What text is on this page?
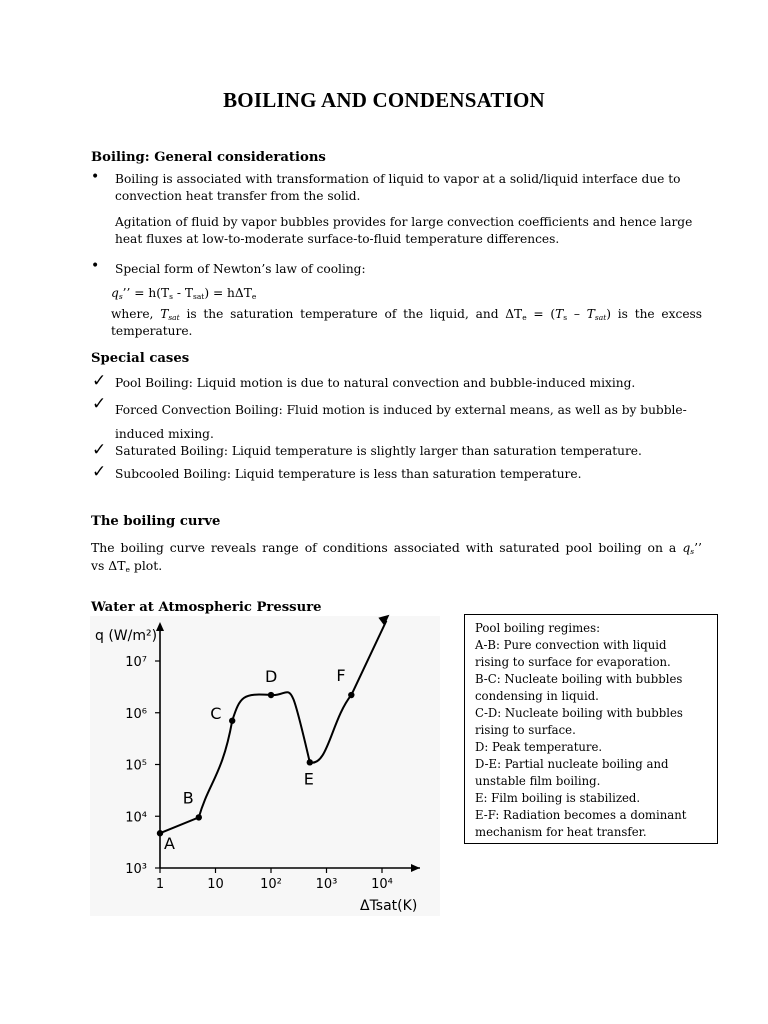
BOILING AND CONDENSATION
Boiling: General considerations
• Boiling is associated with transformation of liquid to vapor at a solid/liquid interface due to
convection heat transfer from the solid.
Agitation of fluid by vapor bubbles provides for large convection coefficients and hence large
heat fluxes at low-to-moderate surface-to-fluid temperature differences.
• Special form of Newton’s law of cooling:
$q_s$’’ = $h(T_s - T_{sat}) = h\Delta T_e$
where, $T_{sat}$ is the saturation temperature of the liquid, and $\Delta T_e = (T_s - T_{sat})$ is the excess
temperature.
Special cases
✓ Pool Boiling: Liquid motion is due to natural convection and bubble-induced mixing.
✓ Forced Convection Boiling: Fluid motion is induced by external means, as well as by bubble-
induced mixing.
✓ Saturated Boiling: Liquid temperature is slightly larger than saturation temperature.
✓ Subcooled Boiling: Liquid temperature is less than saturation temperature.
The boiling curve
The boiling curve reveals range of conditions associated with saturated pool boiling on a $q_s$’’
vs $\Delta T_e$ plot.
Water at Atmospheric Pressure
q (W/m²)
ΔTsat(K)
1	10	10²	10³	10⁴
10³
10⁴
10⁵
10⁶
10⁷
A
B
C
D
E
F
Pool boiling regimes:
A-B: Pure convection with liquid
rising to surface for evaporation.
B-C: Nucleate boiling with bubbles
condensing in liquid.
C-D: Nucleate boiling with bubbles
rising to surface.
D: Peak temperature.
D-E: Partial nucleate boiling and
unstable film boiling.
E: Film boiling is stabilized.
E-F: Radiation becomes a dominant
mechanism for heat transfer.
